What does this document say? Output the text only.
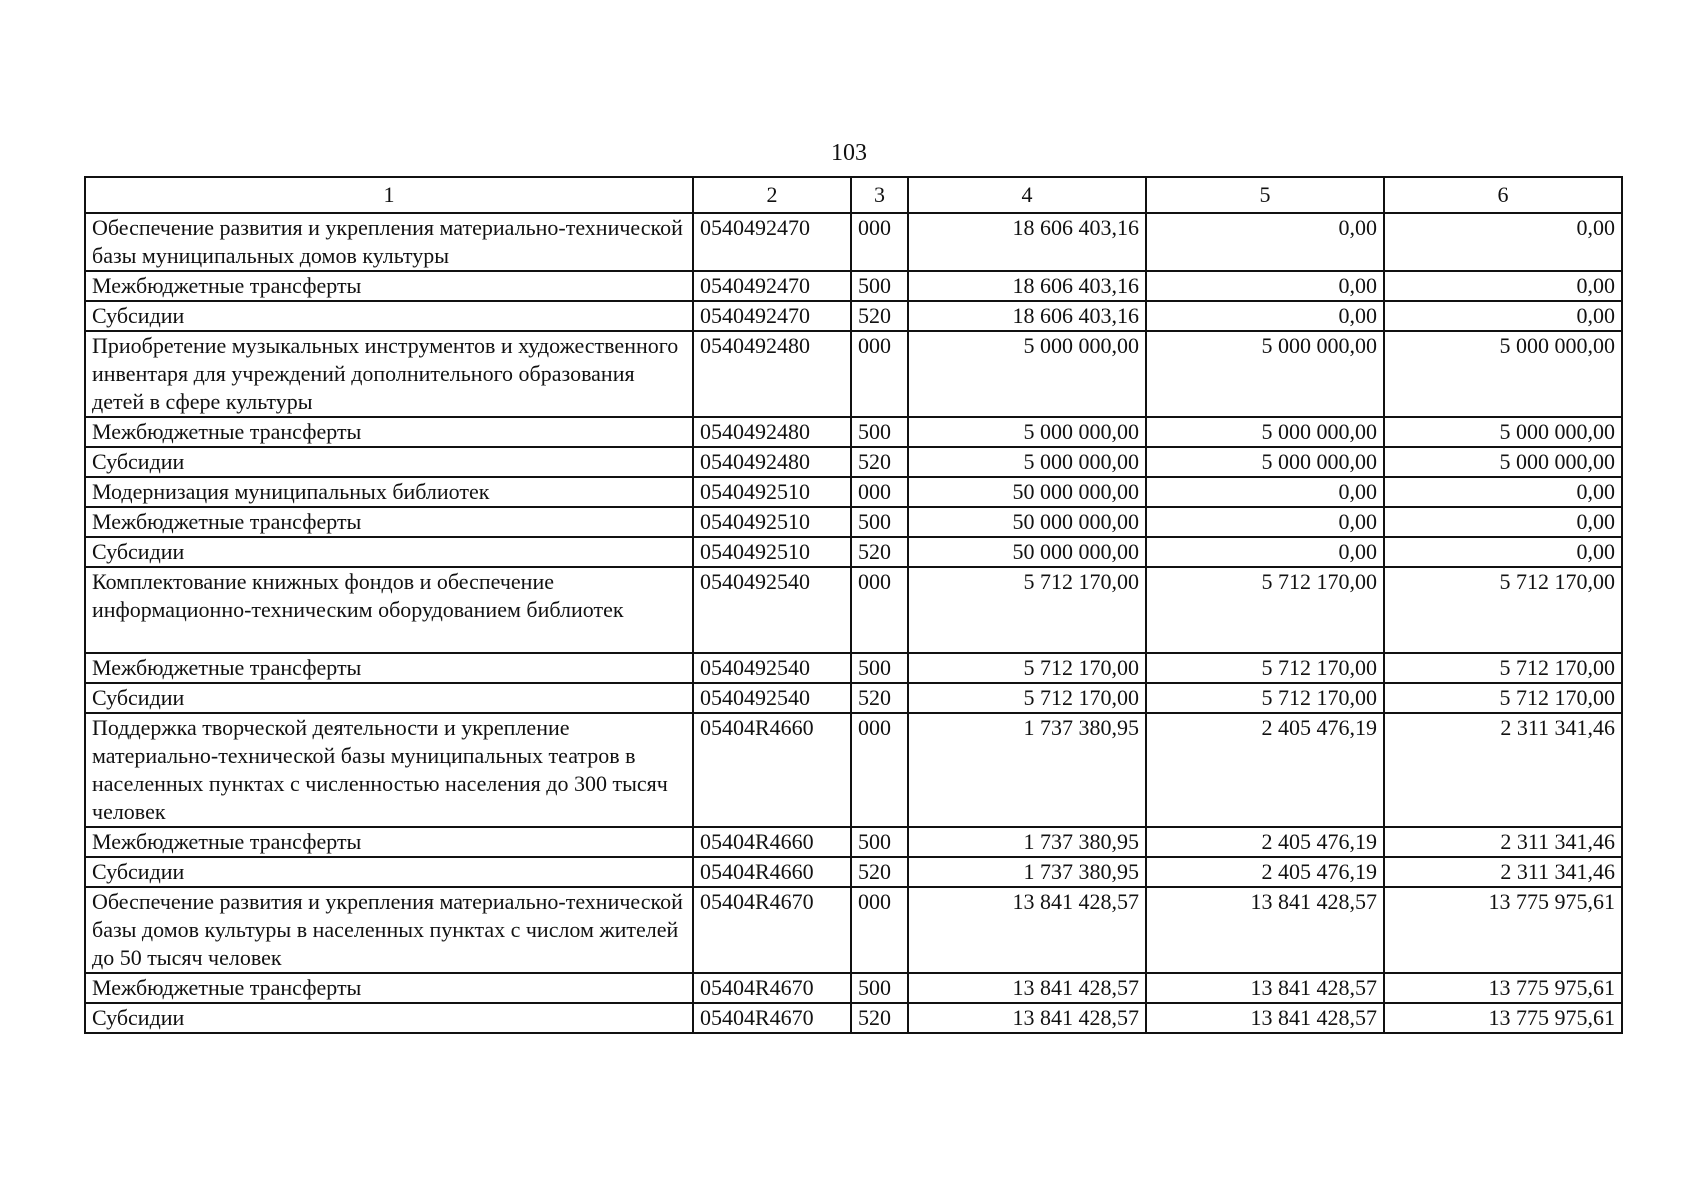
103
1	2	3	4	5	6
Обеспечение развития и укрепления материально-технической базы муниципальных домов культуры	0540492470	000	18 606 403,16	0,00	0,00
Межбюджетные трансферты	0540492470	500	18 606 403,16	0,00	0,00
Субсидии	0540492470	520	18 606 403,16	0,00	0,00
Приобретение музыкальных инструментов и художественного инвентаря для учреждений дополнительного образования детей в сфере культуры	0540492480	000	5 000 000,00	5 000 000,00	5 000 000,00
Межбюджетные трансферты	0540492480	500	5 000 000,00	5 000 000,00	5 000 000,00
Субсидии	0540492480	520	5 000 000,00	5 000 000,00	5 000 000,00
Модернизация муниципальных библиотек	0540492510	000	50 000 000,00	0,00	0,00
Межбюджетные трансферты	0540492510	500	50 000 000,00	0,00	0,00
Субсидии	0540492510	520	50 000 000,00	0,00	0,00
Комплектование книжных фондов и обеспечение информационно-техническим оборудованием библиотек	0540492540	000	5 712 170,00	5 712 170,00	5 712 170,00
Межбюджетные трансферты	0540492540	500	5 712 170,00	5 712 170,00	5 712 170,00
Субсидии	0540492540	520	5 712 170,00	5 712 170,00	5 712 170,00
Поддержка творческой деятельности и укрепление материально-технической базы муниципальных театров в населенных пунктах с численностью населения до 300 тысяч человек	05404R4660	000	1 737 380,95	2 405 476,19	2 311 341,46
Межбюджетные трансферты	05404R4660	500	1 737 380,95	2 405 476,19	2 311 341,46
Субсидии	05404R4660	520	1 737 380,95	2 405 476,19	2 311 341,46
Обеспечение развития и укрепления материально-технической базы домов культуры в населенных пунктах с числом жителей до 50 тысяч человек	05404R4670	000	13 841 428,57	13 841 428,57	13 775 975,61
Межбюджетные трансферты	05404R4670	500	13 841 428,57	13 841 428,57	13 775 975,61
Субсидии	05404R4670	520	13 841 428,57	13 841 428,57	13 775 975,61
